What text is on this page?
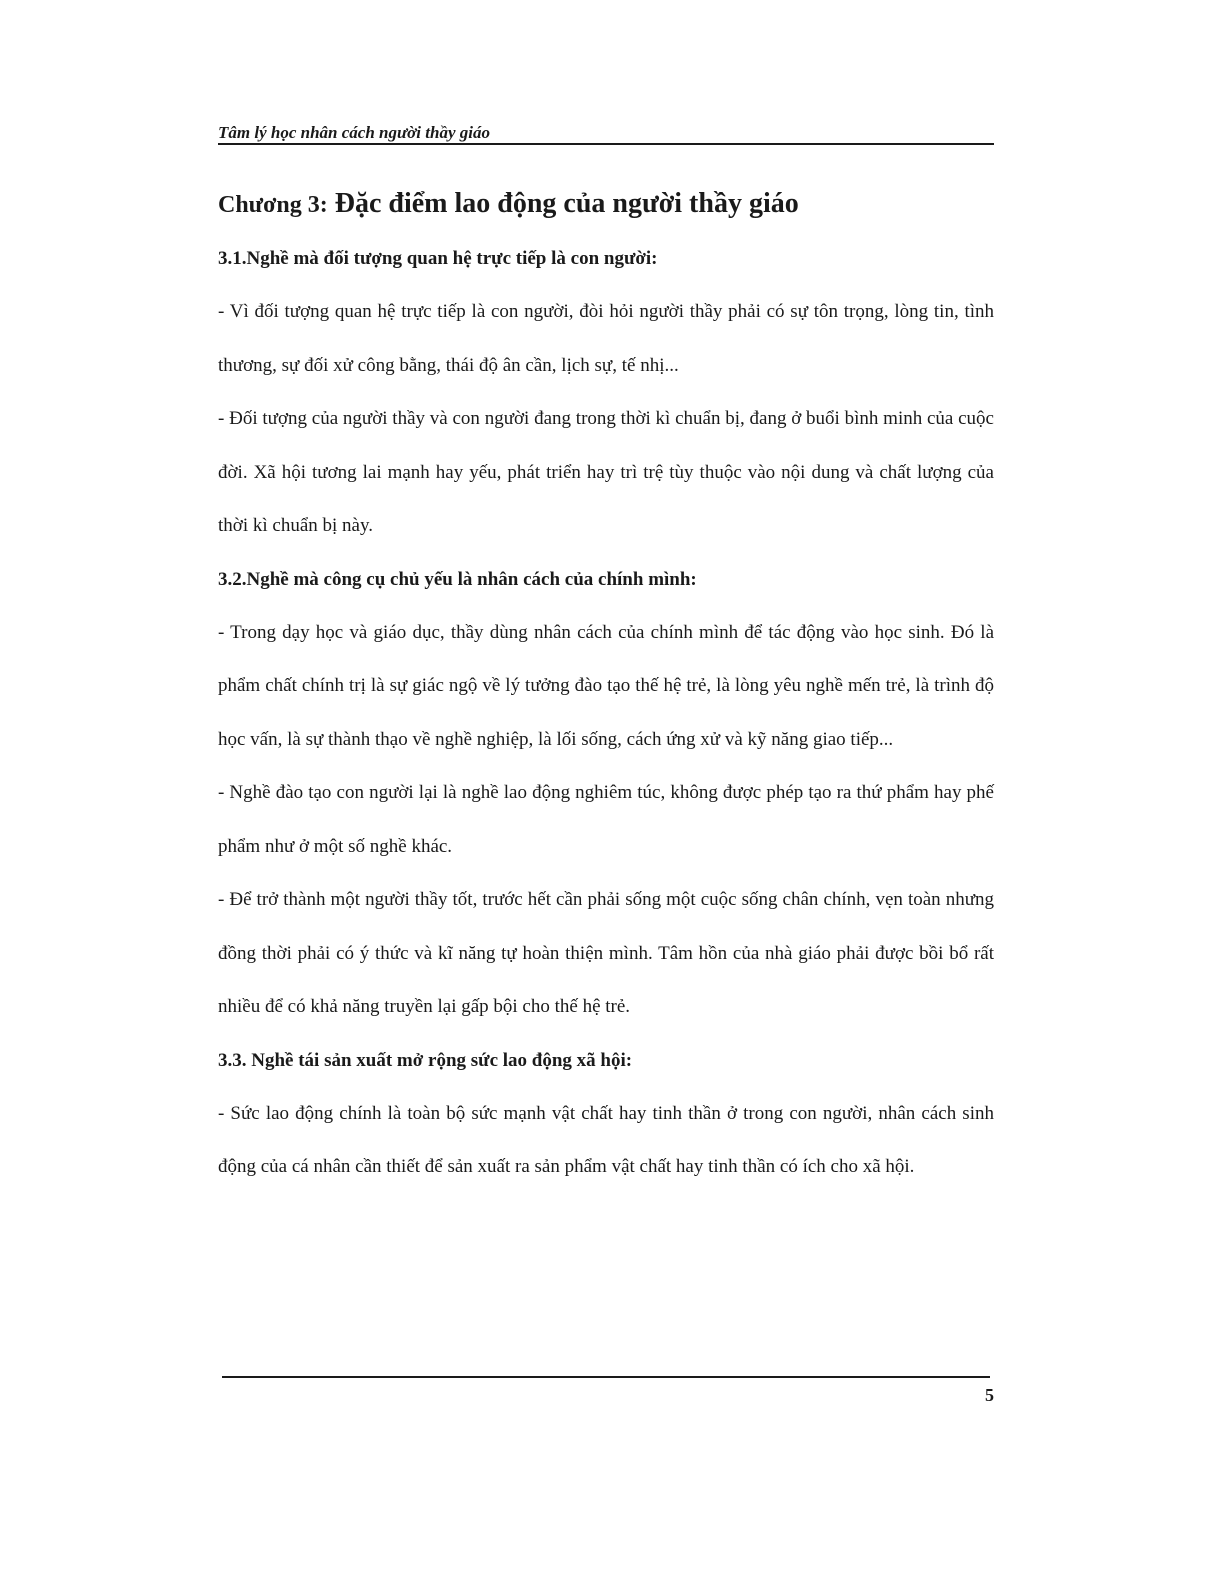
Tâm lý học nhân cách người thầy giáo
Chương 3: Đặc điểm lao động của người thầy giáo
3.1.Nghề mà đối tượng quan hệ trực tiếp là con người:

- Vì đối tượng quan hệ trực tiếp là con người, đòi hỏi người thầy phải có sự tôn trọng, lòng tin, tình thương, sự đối xử công bằng, thái độ ân cần, lịch sự, tế nhị...

- Đối tượng của người thầy và con người đang trong thời kì chuẩn bị, đang ở buổi bình minh của cuộc đời. Xã hội tương lai mạnh hay yếu, phát triển hay trì trệ tùy thuộc vào nội dung và chất lượng của thời kì chuẩn bị này.

3.2.Nghề mà công cụ chủ yếu là nhân cách của chính mình:

- Trong dạy học và giáo dục, thầy dùng nhân cách của chính mình để tác động vào học sinh. Đó là phẩm chất chính trị là sự giác ngộ về lý tưởng đào tạo thế hệ trẻ, là lòng yêu nghề mến trẻ, là trình độ học vấn, là sự thành thạo về nghề nghiệp, là lối sống, cách ứng xử và kỹ năng giao tiếp...

- Nghề đào tạo con người lại là nghề lao động nghiêm túc, không được phép tạo ra thứ phẩm hay phế phẩm như ở một số nghề khác.

- Để trở thành một người thầy tốt, trước hết cần phải sống một cuộc sống chân chính, vẹn toàn nhưng đồng thời phải có ý thức và kĩ năng tự hoàn thiện mình. Tâm hồn của nhà giáo phải được bồi bổ rất nhiều để có khả năng truyền lại gấp bội cho thế hệ trẻ.

3.3. Nghề tái sản xuất mở rộng sức lao động xã hội:

- Sức lao động chính là toàn bộ sức mạnh vật chất hay tinh thần ở trong con người, nhân cách sinh động của cá nhân cần thiết để sản xuất ra sản phẩm vật chất hay tinh thần có ích cho xã hội.

5
